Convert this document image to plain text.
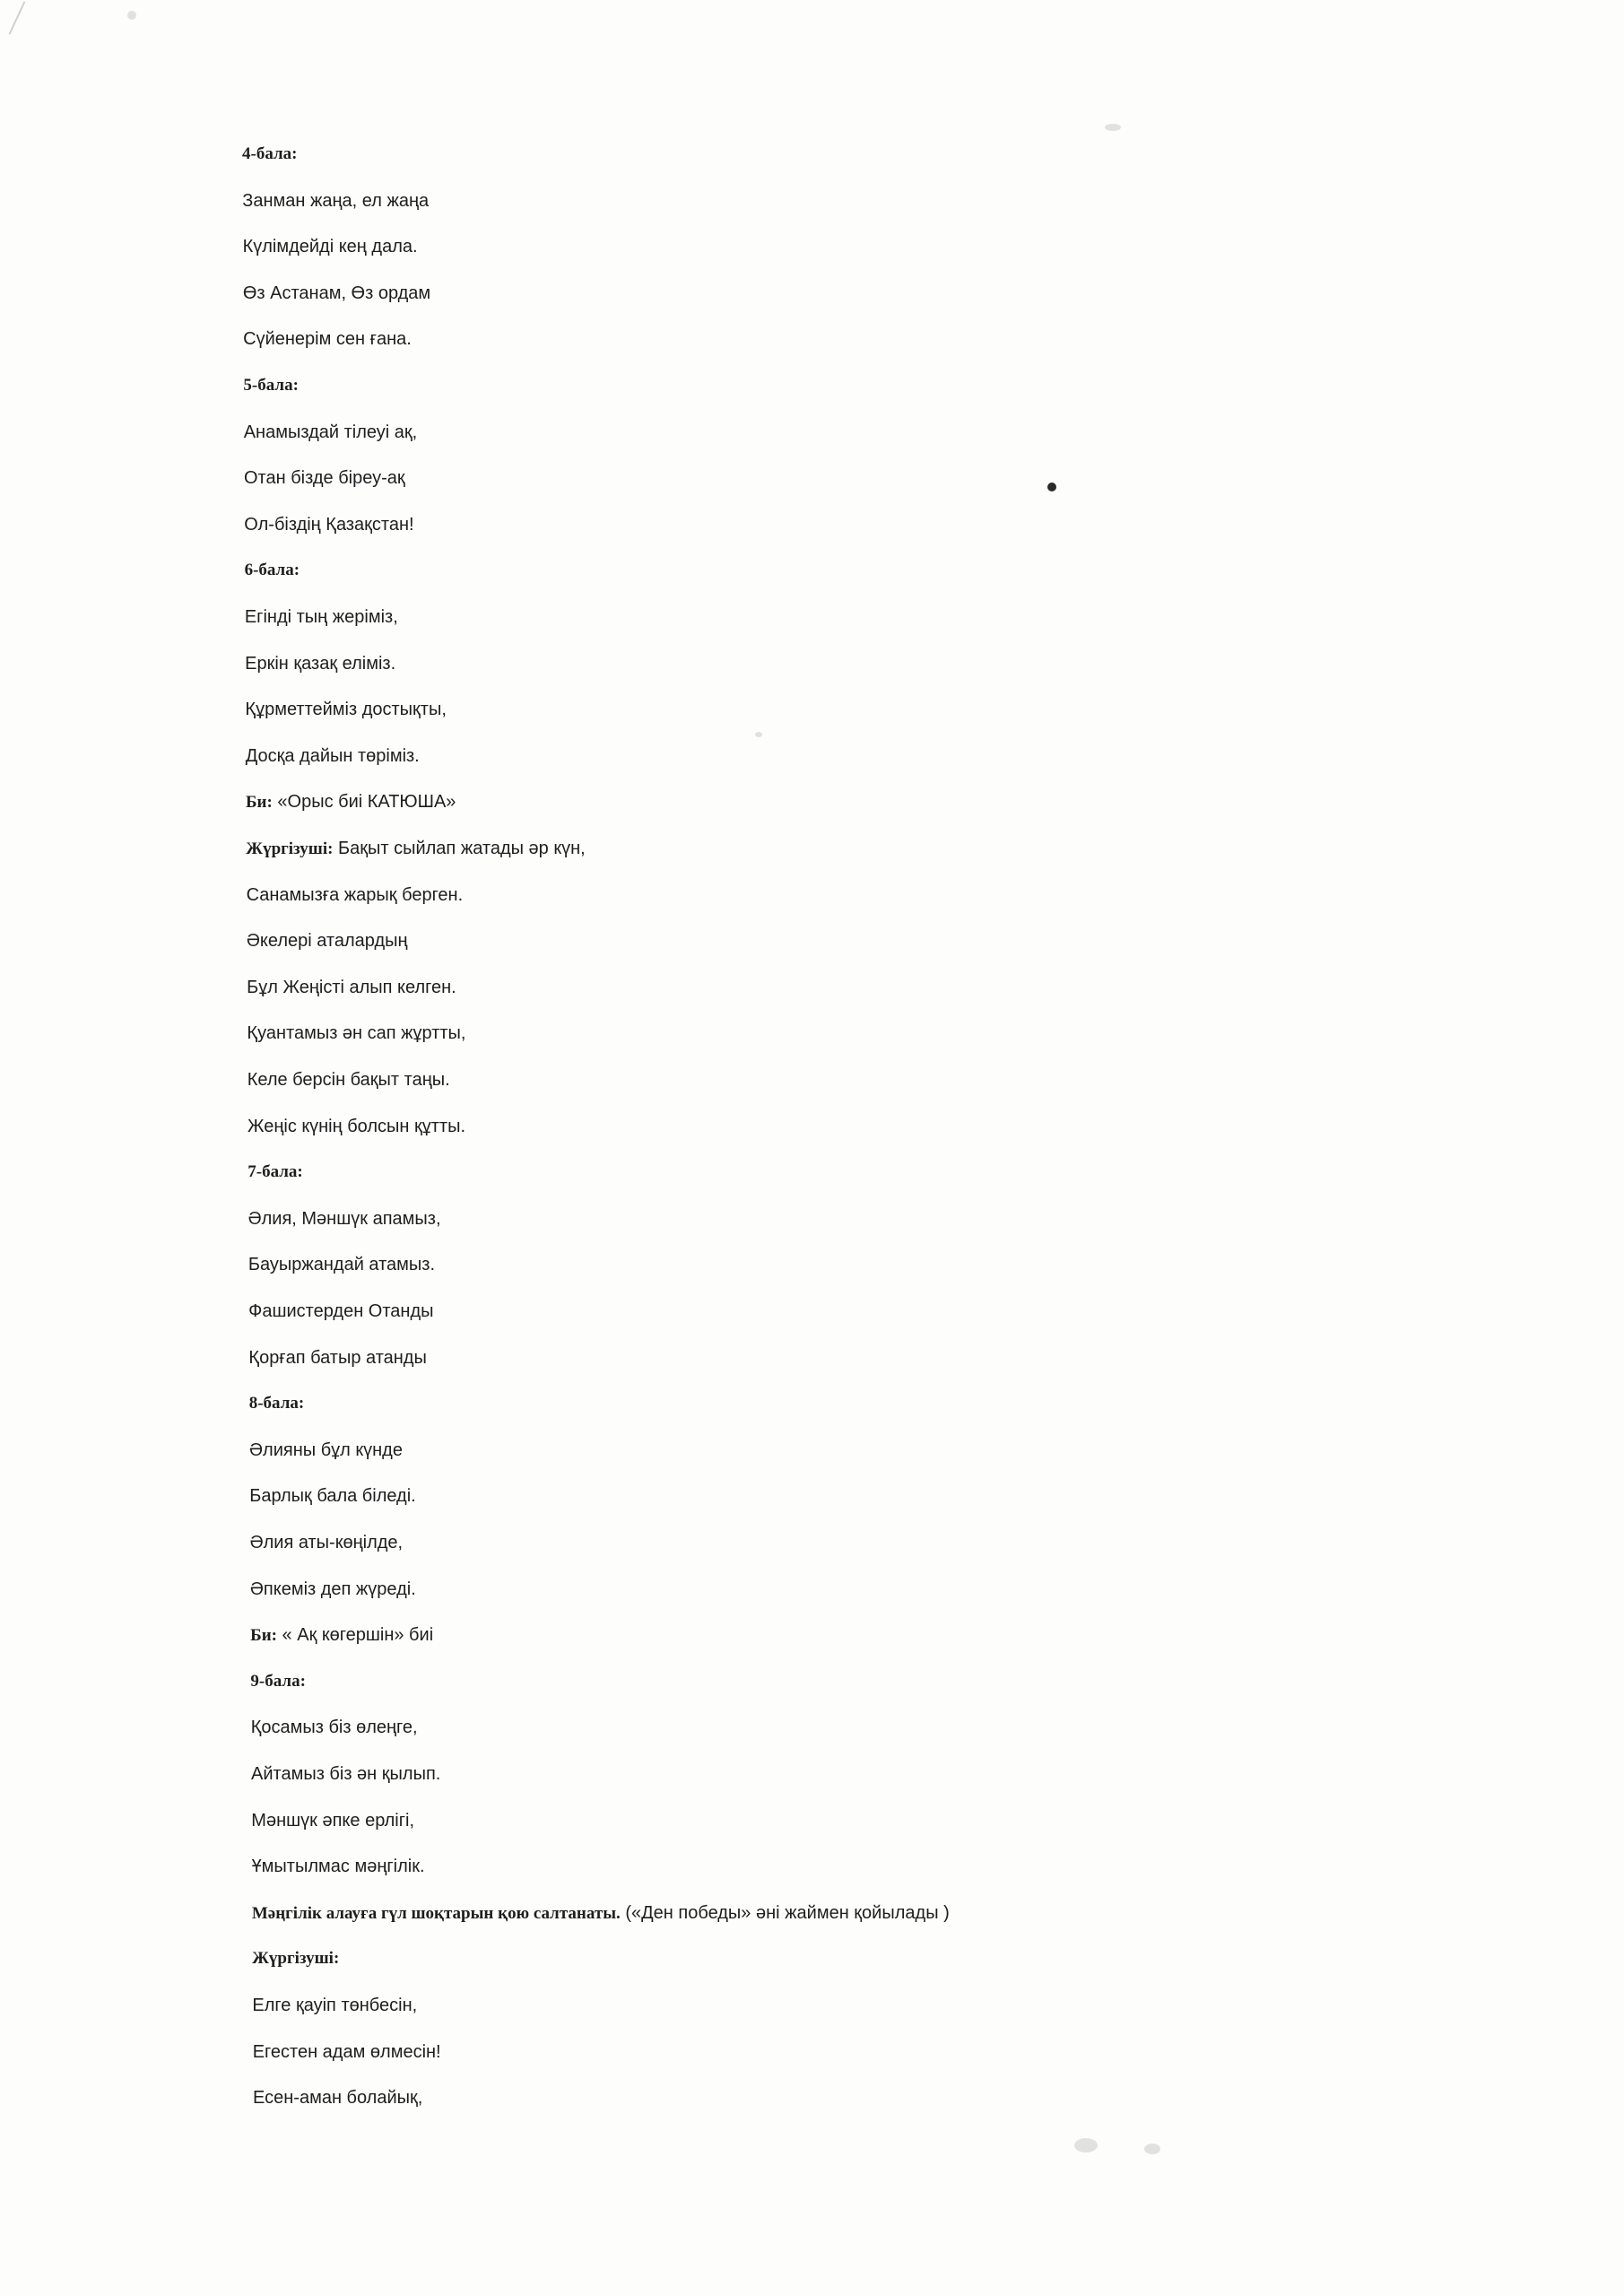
4-бала:
Занман жаңа, ел жаңа
Күлімдейді кең дала.
Өз Астанам, Өз ордам
Сүйенерім сен ғана.
5-бала:
Анамыздай тілеуі ақ,
Отан бізде біреу-ақ
Ол-біздің Қазақстан!
6-бала:
Егінді тың жеріміз,
Еркін қазақ еліміз.
Құрметтейміз достықты,
Досқа дайын төріміз.
Би: «Орыс биі КАТЮША»
Жүргізуші: Бақыт сыйлап жатады әр күн,
Санамызға жарық берген.
Әкелері аталардың
Бұл Жеңісті алып келген.
Қуантамыз ән сап жұртты,
Келе берсін бақыт таңы.
Жеңіс күнің болсын құтты.
7-бала:
Әлия, Мәншүк апамыз,
Бауыржандай атамыз.
Фашистерден Отанды
Қорғап батыр атанды
8-бала:
Әлияны бұл күнде
Барлық бала біледі.
Әлия аты-көңілде,
Әпкеміз деп жүреді.
Би: « Ақ көгершін» биі
9-бала:
Қосамыз біз өлеңге,
Айтамыз біз ән қылып.
Мәншүк әпке ерлігі,
Ұмытылмас мәңгілік.
Мәңгілік алауға гүл шоқтарын қою салтанаты. («Ден победы» әні жаймен қойылады )
Жүргізуші:
Елге қауіп төнбесін,
Егестен адам өлмесін!
Есен-аман болайық,
